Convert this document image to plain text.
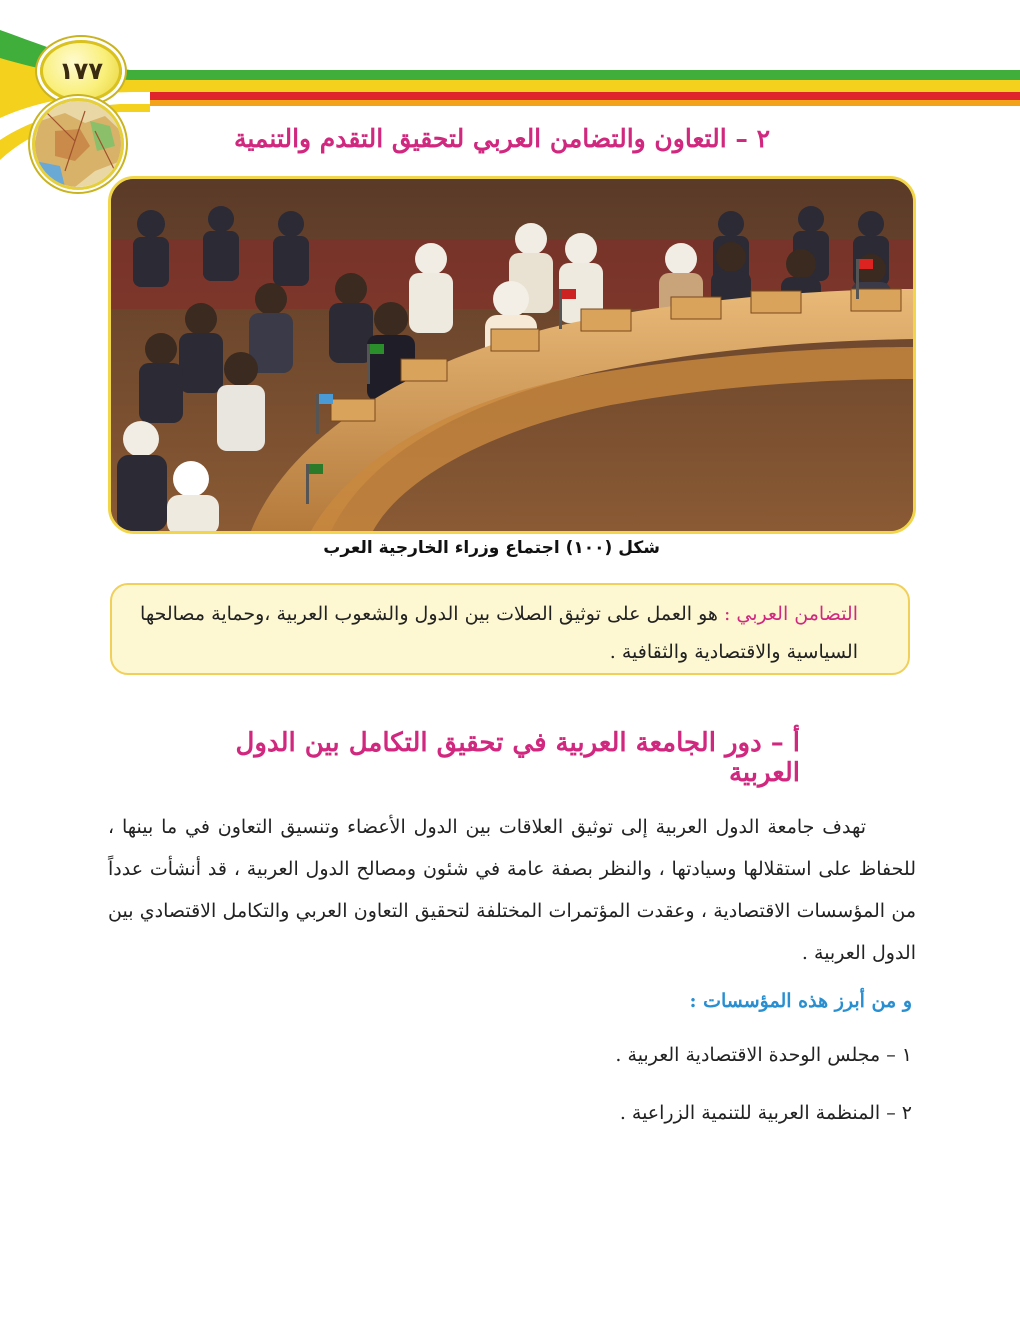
١٧٧
٢ – التعاون والتضامن العربي لتحقيق التقدم والتنمية
شكل (١٠٠) اجتماع وزراء الخارجية العرب
التضامن العربي : هو العمل على توثيق الصلات بين الدول والشعوب العربية ،وحماية مصالحها السياسية والاقتصادية والثقافية .
أ – دور الجامعة العربية في تحقيق التكامل بين الدول العربية

تهدف جامعة الدول العربية إلى توثيق العلاقات بين الدول الأعضاء وتنسيق التعاون في ما بينها ، للحفاظ على استقلالها وسيادتها ، والنظر بصفة عامة في شئون ومصالح الدول العربية ، قد أنشأت عدداً من المؤسسات الاقتصادية ، وعقدت المؤتمرات المختلفة لتحقيق التعاون العربي والتكامل الاقتصادي بين الدول العربية .

و من أبرز هذه المؤسسات :
١ – مجلس الوحدة الاقتصادية العربية .
٢ – المنظمة العربية للتنمية الزراعية .
